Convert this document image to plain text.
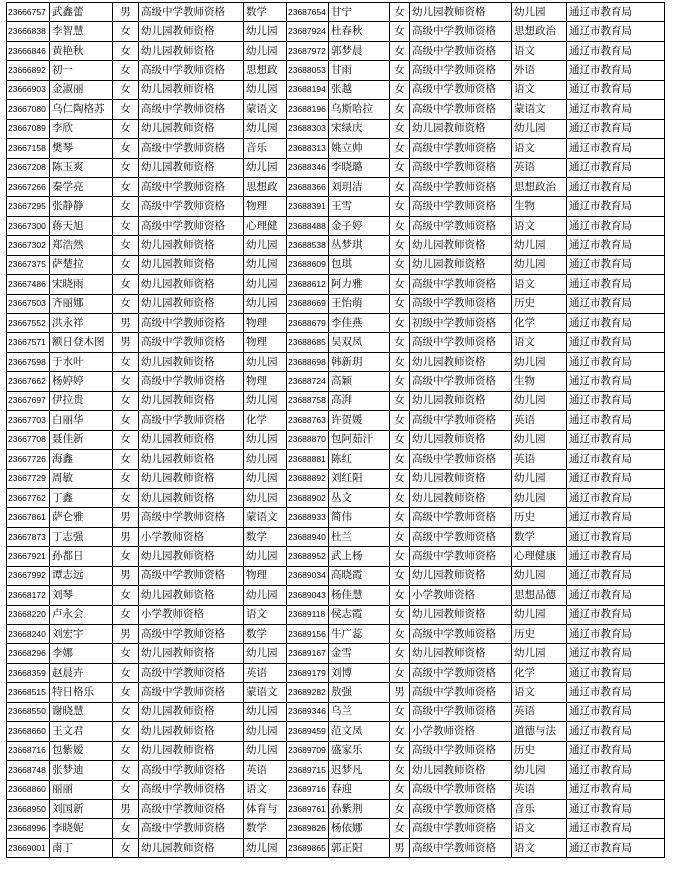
23666757	武鑫蕾	男	高级中学教师资格	数学	23687654	甘宁	女	幼儿园教师资格	幼儿园	通辽市教育局
23666838	李智慧	女	幼儿园教师资格	幼儿园	23687924	杜春秋	女	高级中学教师资格	思想政治	通辽市教育局
23666846	黄艳秋	女	幼儿园教师资格	幼儿园	23687972	郭梦晨	女	高级中学教师资格	语文	通辽市教育局
23666892	初一	女	高级中学教师资格	思想政	23688053	甘雨	女	高级中学教师资格	外语	通辽市教育局
23666903	金淑丽	女	幼儿园教师资格	幼儿园	23688194	张越	女	高级中学教师资格	语文	通辽市教育局
23667080	乌仁陶格苏	女	高级中学教师资格	蒙语文	23688196	乌斯哈拉	女	高级中学教师资格	蒙语文	通辽市教育局
23667089	李欣	女	幼儿园教师资格	幼儿园	23688303	宋绿庆	女	幼儿园教师资格	幼儿园	通辽市教育局
23667158	樊琴	女	高级中学教师资格	音乐	23688313	姚立帅	女	高级中学教师资格	语文	通辽市教育局
23667208	陈玉爽	女	幼儿园教师资格	幼儿园	23688346	李晓璐	女	高级中学教师资格	英语	通辽市教育局
23667266	秦学亮	女	高级中学教师资格	思想政	23688366	刘玥洁	女	高级中学教师资格	思想政治	通辽市教育局
23667295	张静静	女	高级中学教师资格	物理	23688391	王雪	女	高级中学教师资格	生物	通辽市教育局
23667300	蒋天旭	女	高级中学教师资格	心理健	23688488	金子婷	女	高级中学教师资格	语文	通辽市教育局
23667302	郑浩然	女	幼儿园教师资格	幼儿园	23688538	丛梦琪	女	幼儿园教师资格	幼儿园	通辽市教育局
23667375	萨楚拉	女	幼儿园教师资格	幼儿园	23688609	包琪	女	幼儿园教师资格	幼儿园	通辽市教育局
23667486	宋晓雨	女	幼儿园教师资格	幼儿园	23688612	阿力雅	女	高级中学教师资格	语文	通辽市教育局
23667503	齐丽娜	女	幼儿园教师资格	幼儿园	23688669	王怡萌	女	高级中学教师资格	历史	通辽市教育局
23667552	洪永祥	男	高级中学教师资格	物理	23688679	李佳燕	女	初级中学教师资格	化学	通辽市教育局
23667571	额日登木图	男	高级中学教师资格	物理	23688685	吴双凤	女	高级中学教师资格	语文	通辽市教育局
23667598	于水叶	女	幼儿园教师资格	幼儿园	23688698	韩新玥	女	幼儿园教师资格	幼儿园	通辽市教育局
23667662	杨婷婷	女	高级中学教师资格	物理	23688724	高颖	女	高级中学教师资格	生物	通辽市教育局
23667697	伊拉贵	女	幼儿园教师资格	幼儿园	23688758	高湃	女	幼儿园教师资格	幼儿园	通辽市教育局
23667703	白丽华	女	高级中学教师资格	化学	23688763	许贺媛	女	高级中学教师资格	英语	通辽市教育局
23667708	聂佳新	女	幼儿园教师资格	幼儿园	23688870	包阿茹汗	女	幼儿园教师资格	幼儿园	通辽市教育局
23667726	海鑫	女	幼儿园教师资格	幼儿园	23688881	陈红	女	高级中学教师资格	英语	通辽市教育局
23667729	周敏	女	幼儿园教师资格	幼儿园	23688892	刘红阳	女	幼儿园教师资格	幼儿园	通辽市教育局
23667762	丁鑫	女	幼儿园教师资格	幼儿园	23688902	丛文	女	幼儿园教师资格	幼儿园	通辽市教育局
23667861	萨仑雅	男	高级中学教师资格	蒙语文	23688933	简伟	女	高级中学教师资格	历史	通辽市教育局
23667873	丁志强	男	小学教师资格	数学	23688940	杜兰	女	高级中学教师资格	数学	通辽市教育局
23667921	孙都日	女	幼儿园教师资格	幼儿园	23688952	武上杨	女	高级中学教师资格	心理健康	通辽市教育局
23667992	谭志远	男	高级中学教师资格	物理	23689034	高晓霞	女	幼儿园教师资格	幼儿园	通辽市教育局
23668172	刘琴	女	幼儿园教师资格	幼儿园	23689043	杨佳慧	女	小学教师资格	思想品德	通辽市教育局
23668220	卢永会	女	小学教师资格	语文	23689118	侯志霞	女	幼儿园教师资格	幼儿园	通辽市教育局
23668240	刘宏宇	男	高级中学教师资格	数学	23689156	牛广蕊	女	高级中学教师资格	历史	通辽市教育局
23668296	李娜	女	幼儿园教师资格	幼儿园	23689167	金雪	女	幼儿园教师资格	幼儿园	通辽市教育局
23668359	赵晨卉	女	高级中学教师资格	英语	23689179	刘博	女	高级中学教师资格	化学	通辽市教育局
23668515	特日格乐	女	高级中学教师资格	蒙语文	23689282	敖强	男	高级中学教师资格	语文	通辽市教育局
23668550	谢晓慧	女	幼儿园教师资格	幼儿园	23689346	乌兰	女	高级中学教师资格	英语	通辽市教育局
23668660	王文君	女	幼儿园教师资格	幼儿园	23689459	范文凤	女	小学教师资格	道德与法	通辽市教育局
23668716	包紫嫒	女	幼儿园教师资格	幼儿园	23689709	盛家乐	女	高级中学教师资格	历史	通辽市教育局
23668748	张梦迪	女	高级中学教师资格	英语	23689715	迟梦凡	女	幼儿园教师资格	幼儿园	通辽市教育局
23668860	丽丽	女	高级中学教师资格	语文	23689716	春迎	女	高级中学教师资格	英语	通辽市教育局
23668950	刘国新	男	高级中学教师资格	体育与	23689761	孙紫荆	女	高级中学教师资格	音乐	通辽市教育局
23668996	李晓妮	女	高级中学教师资格	数学	23689826	杨依娜	女	高级中学教师资格	语文	通辽市教育局
23669001	南丁	女	幼儿园教师资格	幼儿园	23689865	郭正阳	男	高级中学教师资格	语文	通辽市教育局
